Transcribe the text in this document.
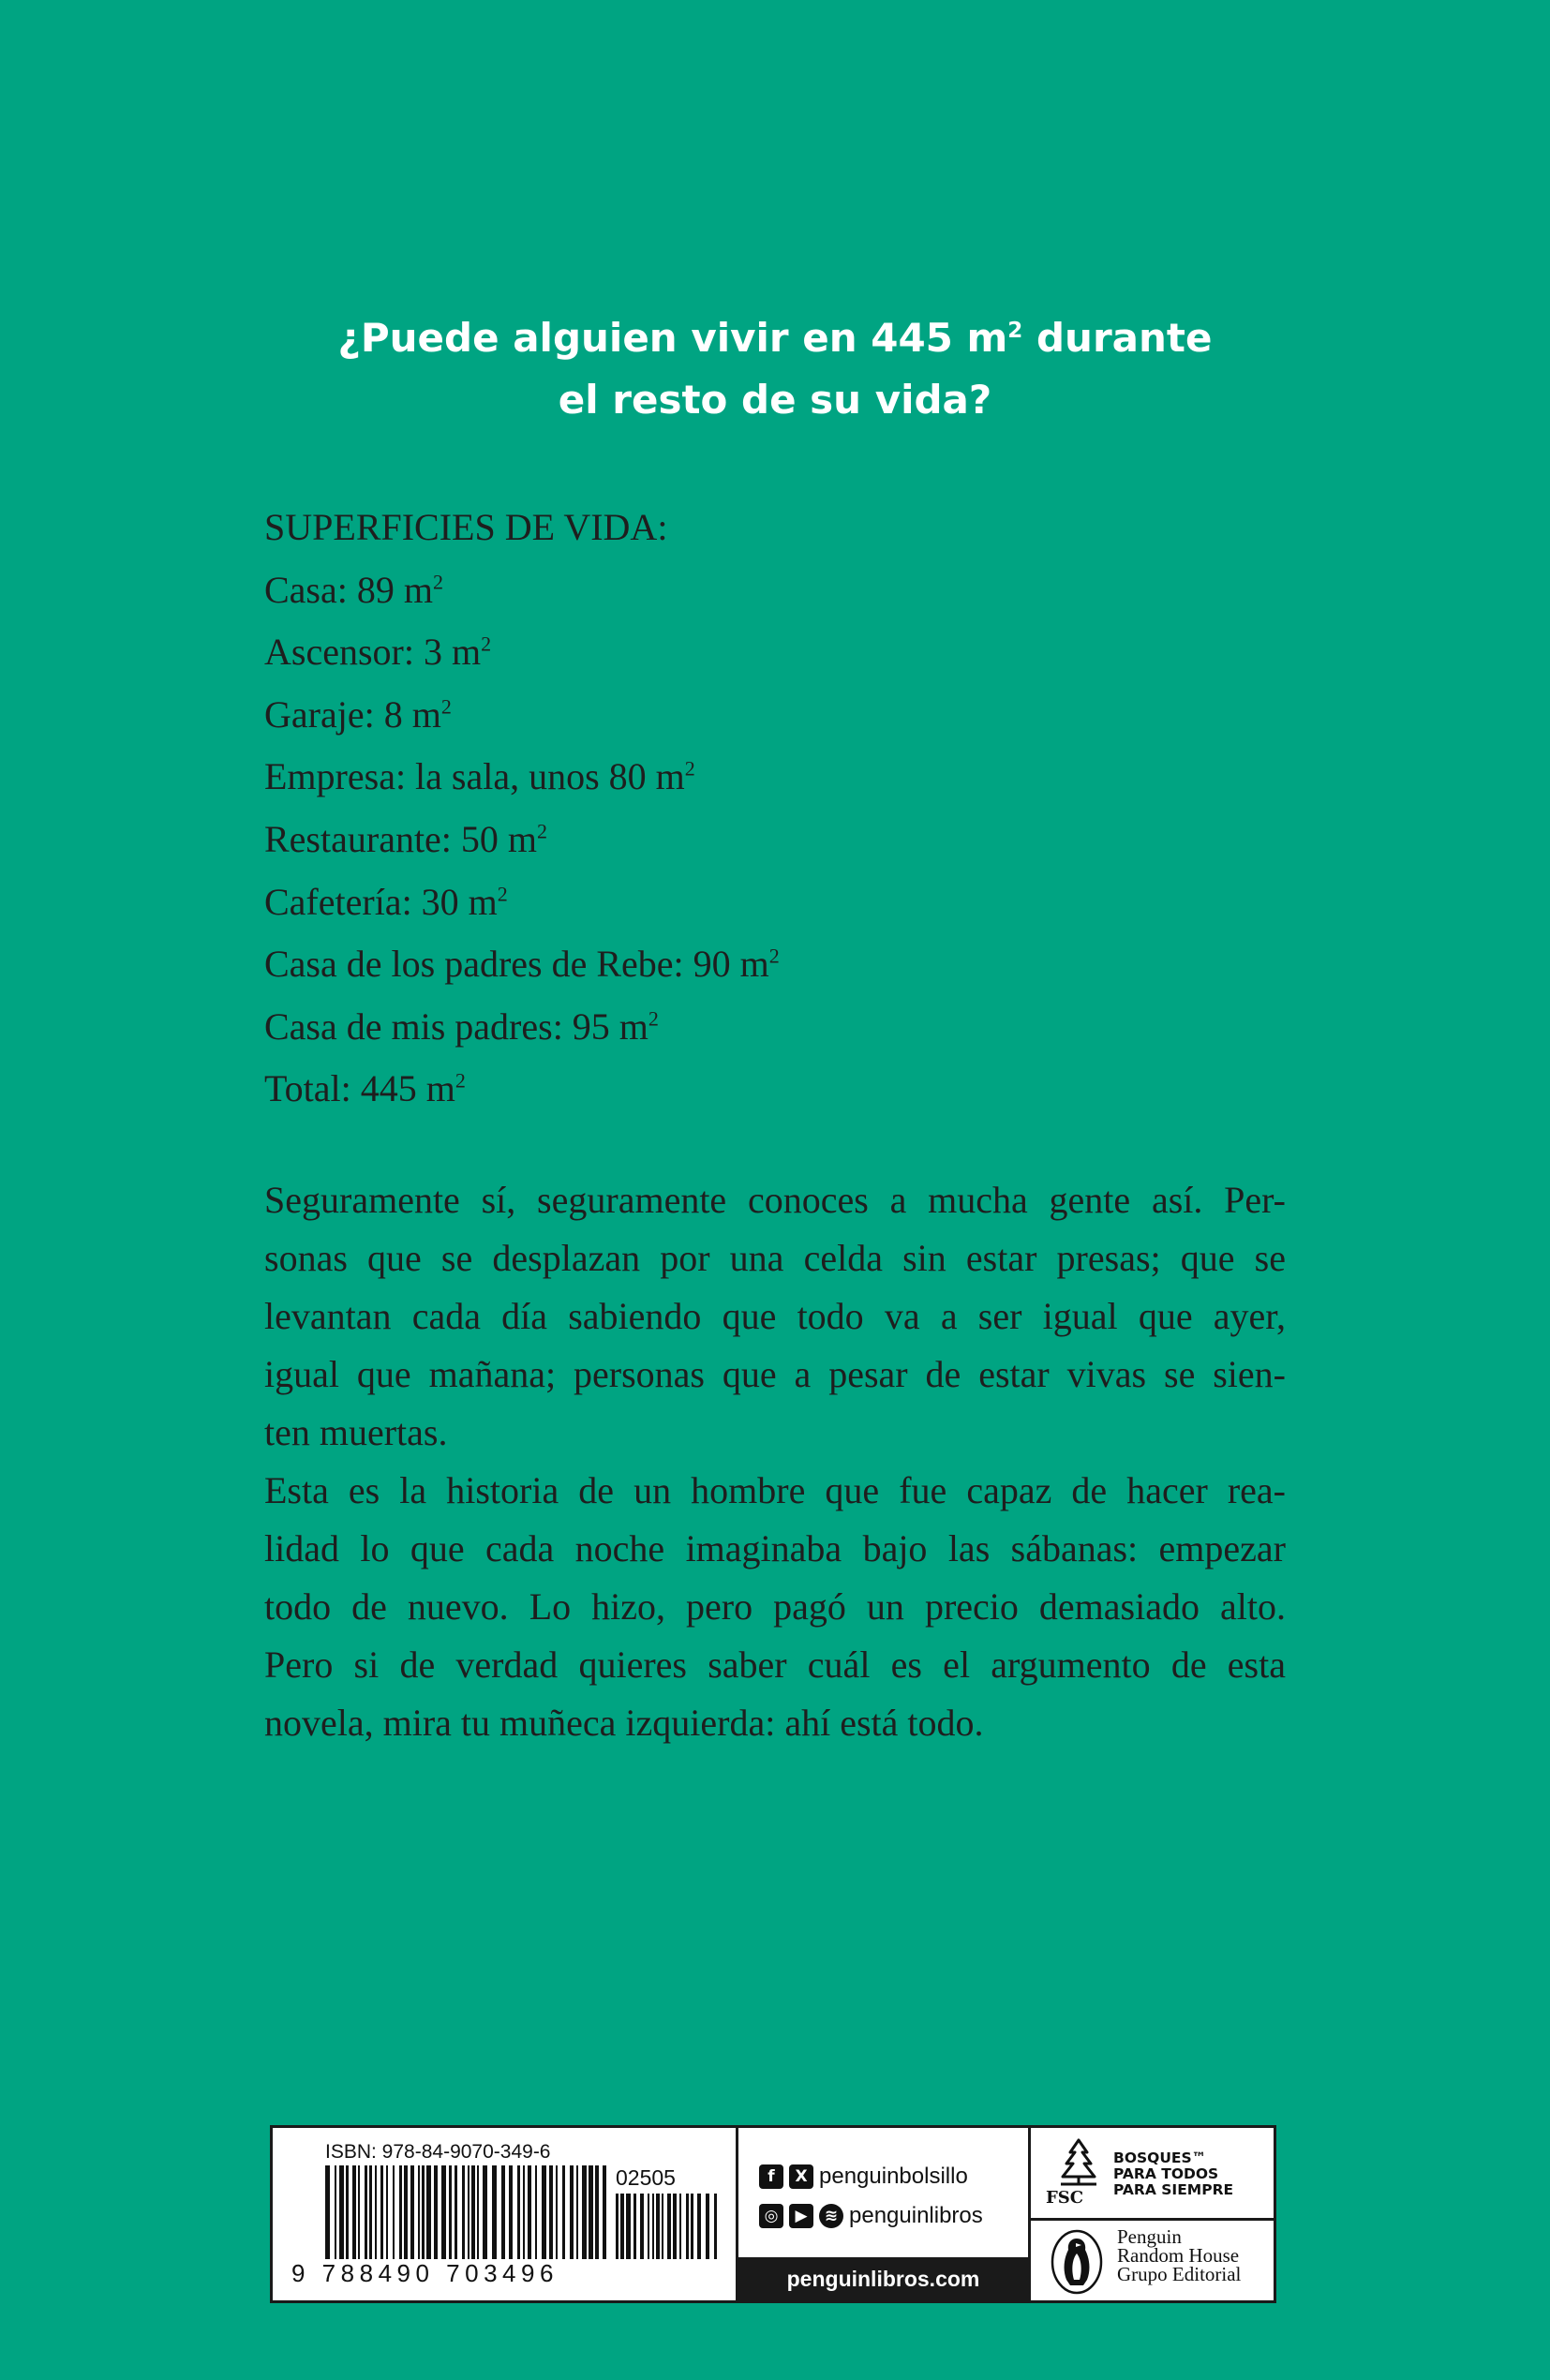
¿Puede alguien vivir en 445 $m^2$ durante
el resto de su vida?
SUPERFICIES DE VIDA:
Casa: 89 $m^2$
Ascensor: 3 $m^2$
Garaje: 8 $m^2$
Empresa: la sala, unos 80 $m^2$
Restaurante: 50 $m^2$
Cafetería: 30 $m^2$
Casa de los padres de Rebe: 90 $m^2$
Casa de mis padres: 95 $m^2$
Total: 445 $m^2$
Seguramente sí, seguramente conoces a mucha gente así. Per-
sonas que se desplazan por una celda sin estar presas; que se
levantan cada día sabiendo que todo va a ser igual que ayer,
igual que mañana; personas que a pesar de estar vivas se sien-
ten muertas.
Esta es la historia de un hombre que fue capaz de hacer rea-
lidad lo que cada noche imaginaba bajo las sábanas: empezar
todo de nuevo. Lo hizo, pero pagó un precio demasiado alto.
Pero si de verdad quieres saber cuál es el argumento de esta
novela, mira tu muñeca izquierda: ahí está todo.
ISBN: 978-84-9070-349-6
02505
9 788490 703496
f	X penguinbolsillo
◎	▶	≋ penguinlibros
penguinlibros.com
FSC
BOSQUES™
PARA TODOS
PARA SIEMPRE
Penguin
Random House
Grupo Editorial
